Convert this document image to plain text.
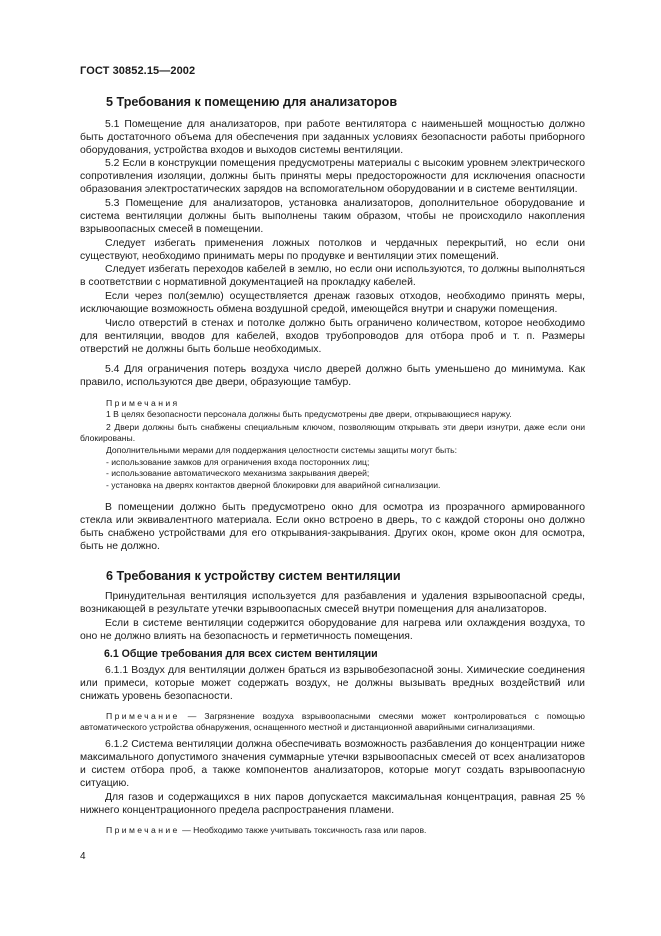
ГОСТ 30852.15—2002
5 Требования к помещению для анализаторов

5.1 Помещение для анализаторов, при работе вентилятора с наименьшей мощностью должно быть достаточного объема для обеспечения при заданных условиях безопасности работы приборного оборудования, устройства входов и выходов системы вентиляции.

5.2 Если в конструкции помещения предусмотрены материалы с высоким уровнем электрического сопротивления изоляции, должны быть приняты меры предосторожности для исключения опасности образования электростатических зарядов на вспомогательном оборудовании и в системе вентиляции.

5.3 Помещение для анализаторов, установка анализаторов, дополнительное оборудование и система вентиляции должны быть выполнены таким образом, чтобы не происходило накопления взрывоопасных смесей в помещении.

Следует избегать применения ложных потолков и чердачных перекрытий, но если они существуют, необходимо принимать меры по продувке и вентиляции этих помещений.

Следует избегать переходов кабелей в землю, но если они используются, то должны выполняться в соответствии с нормативной документацией на прокладку кабелей.

Если через пол(землю) осуществляется дренаж газовых отходов, необходимо принять меры, исключающие возможность обмена воздушной средой, имеющейся внутри и снаружи помещения.

Число отверстий в стенах и потолке должно быть ограничено количеством, которое необходимо для вентиляции, вводов для кабелей, входов трубопроводов для отбора проб и т. п. Размеры отверстий не должны быть больше необходимых.

5.4 Для ограничения потерь воздуха число дверей должно быть уменьшено до минимума. Как правило, используются две двери, образующие тамбур.

Примечания

1 В целях безопасности персонала должны быть предусмотрены две двери, открывающиеся наружу.

2 Двери должны быть снабжены специальным ключом, позволяющим открывать эти двери изнутри, даже если они блокированы.

Дополнительными мерами для поддержания целостности системы защиты могут быть:

- использование замков для ограничения входа посторонних лиц;

- использование автоматического механизма закрывания дверей;

- установка на дверях контактов дверной блокировки для аварийной сигнализации.

В помещении должно быть предусмотрено окно для осмотра из прозрачного армированного стекла или эквивалентного материала. Если окно встроено в дверь, то с каждой стороны оно должно быть снабжено устройствами для его открывания-закрывания. Других окон, кроме окон для осмотра, быть не должно.

6 Требования к устройству систем вентиляции

Принудительная вентиляция используется для разбавления и удаления взрывоопасной среды, возникающей в результате утечки взрывоопасных смесей внутри помещения для анализаторов.

Если в системе вентиляции содержится оборудование для нагрева или охлаждения воздуха, то оно не должно влиять на безопасность и герметичность помещения.

6.1 Общие требования для всех систем вентиляции

6.1.1 Воздух для вентиляции должен браться из взрывобезопасной зоны. Химические соединения или примеси, которые может содержать воздух, не должны вызывать вредных воздействий или снижать уровень безопасности.

Примечание — Загрязнение воздуха взрывоопасными смесями может контролироваться с помощью автоматического устройства обнаружения, оснащенного местной и дистанционной аварийными сигнализациями.

6.1.2 Система вентиляции должна обеспечивать возможность разбавления до концентрации ниже максимального допустимого значения суммарные утечки взрывоопасных смесей от всех анализаторов и систем отбора проб, а также компонентов анализаторов, которые могут создать взрывоопасную ситуацию.

Для газов и содержащихся в них паров допускается максимальная концентрация, равная 25 % нижнего концентрационного предела распространения пламени.

Примечание — Необходимо также учитывать токсичность газа или паров.

4
